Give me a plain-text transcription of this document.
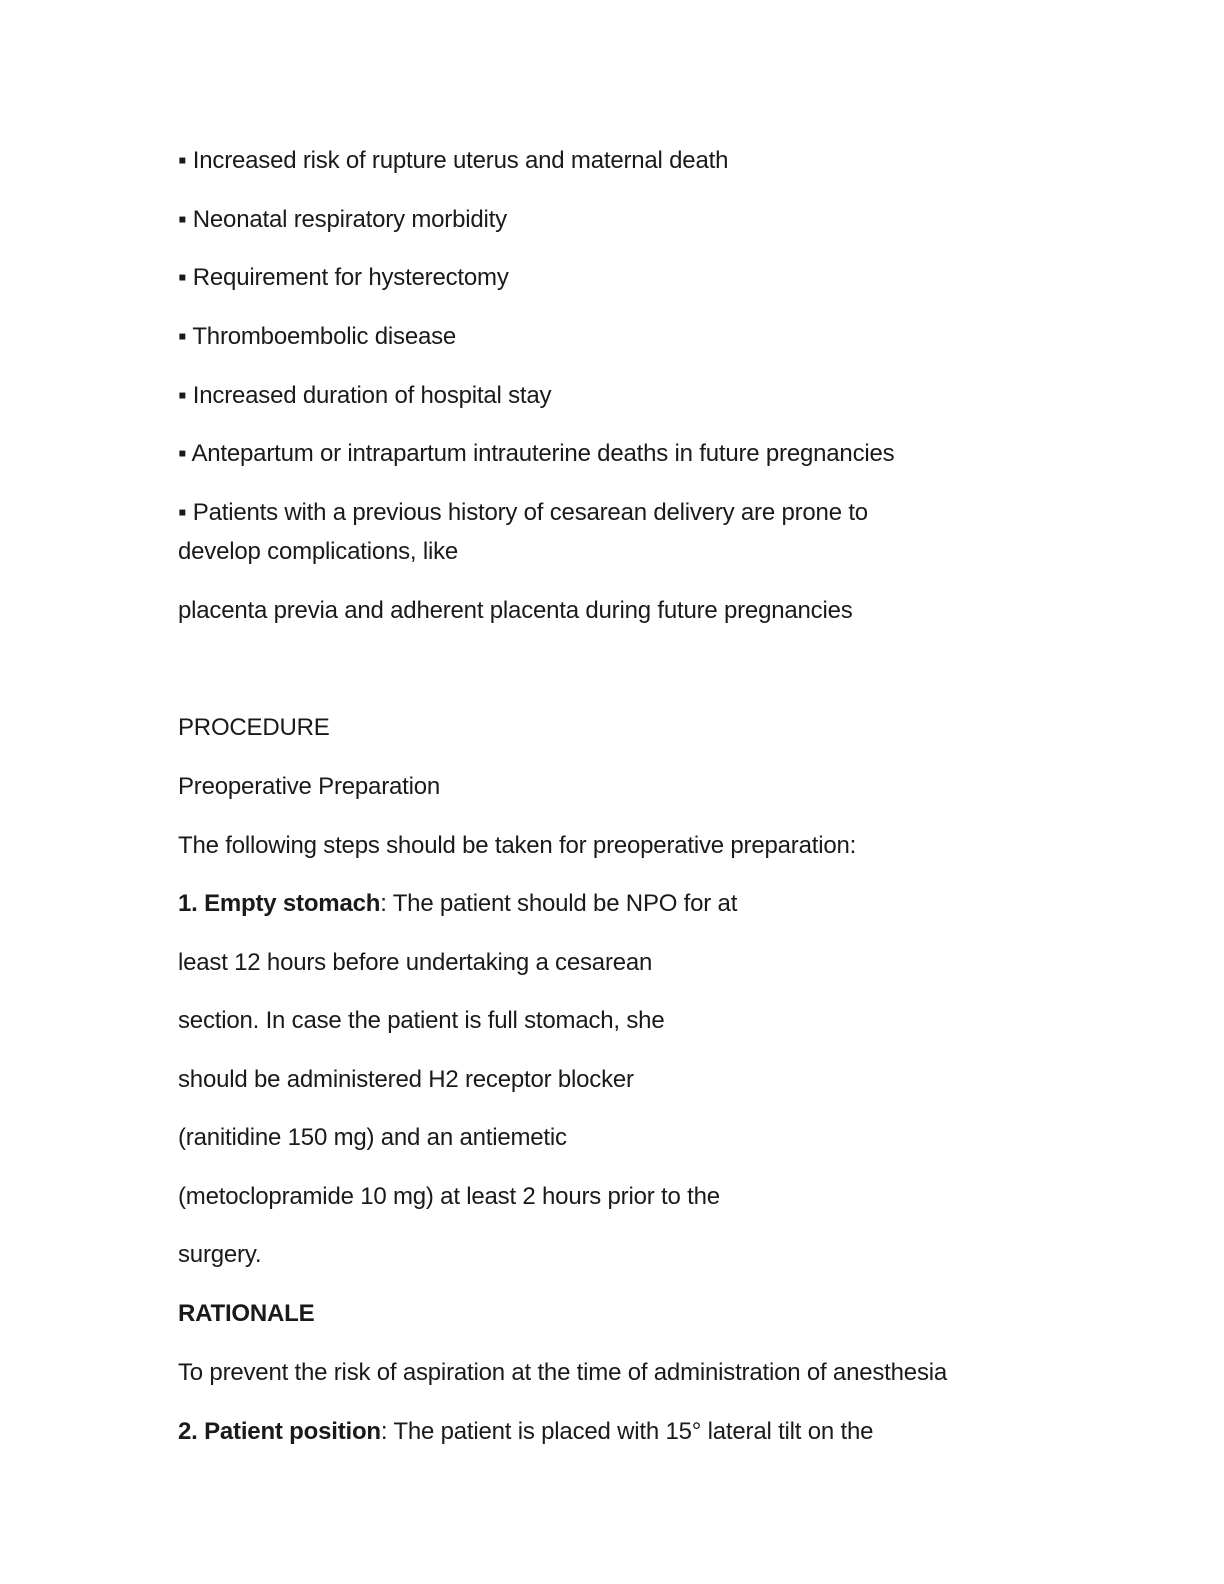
▪ Increased risk of rupture uterus and maternal death
▪ Neonatal respiratory morbidity
▪ Requirement for hysterectomy
▪ Thromboembolic disease
▪ Increased duration of hospital stay
▪ Antepartum or intrapartum intrauterine deaths in future pregnancies
▪ Patients with a previous history of cesarean delivery are prone to
develop complications, like
placenta previa and adherent placenta during future pregnancies
PROCEDURE
Preoperative Preparation
The following steps should be taken for preoperative preparation:
1. Empty stomach: The patient should be NPO for at
least 12 hours before undertaking a cesarean
section. In case the patient is full stomach, she
should be administered H2 receptor blocker
(ranitidine 150 mg) and an antiemetic
(metoclopramide 10 mg) at least 2 hours prior to the
surgery.
RATIONALE
To prevent the risk of aspiration at the time of administration of anesthesia
2. Patient position: The patient is placed with 15° lateral tilt on the
